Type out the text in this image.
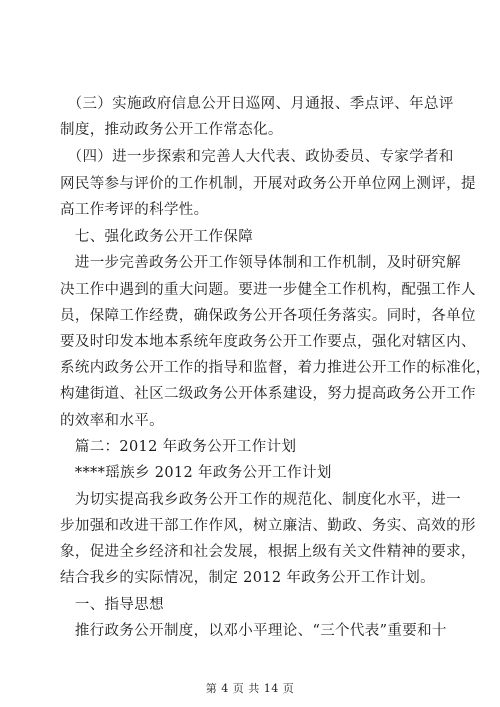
　（三）实施政府信息公开日巡网、月通报、季点评、年总评
制度，推动政务公开工作常态化。
　（四）进一步探索和完善人大代表、政协委员、专家学者和
网民等参与评价的工作机制，开展对政务公开单位网上测评，提
高工作考评的科学性。
　七、强化政务公开工作保障
　进一步完善政务公开工作领导体制和工作机制，及时研究解
决工作中遇到的重大问题。要进一步健全工作机构，配强工作人
员，保障工作经费，确保政务公开各项任务落实。同时，各单位
要及时印发本地本系统年度政务公开工作要点，强化对辖区内、
系统内政务公开工作的指导和监督，着力推进公开工作的标准化，
构建街道、社区二级政务公开体系建设，努力提高政务公开工作
的效率和水平。
　篇二：2012 年政务公开工作计划
　****瑶族乡 2012 年政务公开工作计划
　为切实提高我乡政务公开工作的规范化、制度化水平，进一
步加强和改进干部工作作风，树立廉洁、勤政、务实、高效的形
象，促进全乡经济和社会发展，根据上级有关文件精神的要求，
结合我乡的实际情况，制定 2012 年政务公开工作计划。
　一、指导思想
　推行政务公开制度，以邓小平理论、“三个代表”重要和十
第 4 页 共 14 页
